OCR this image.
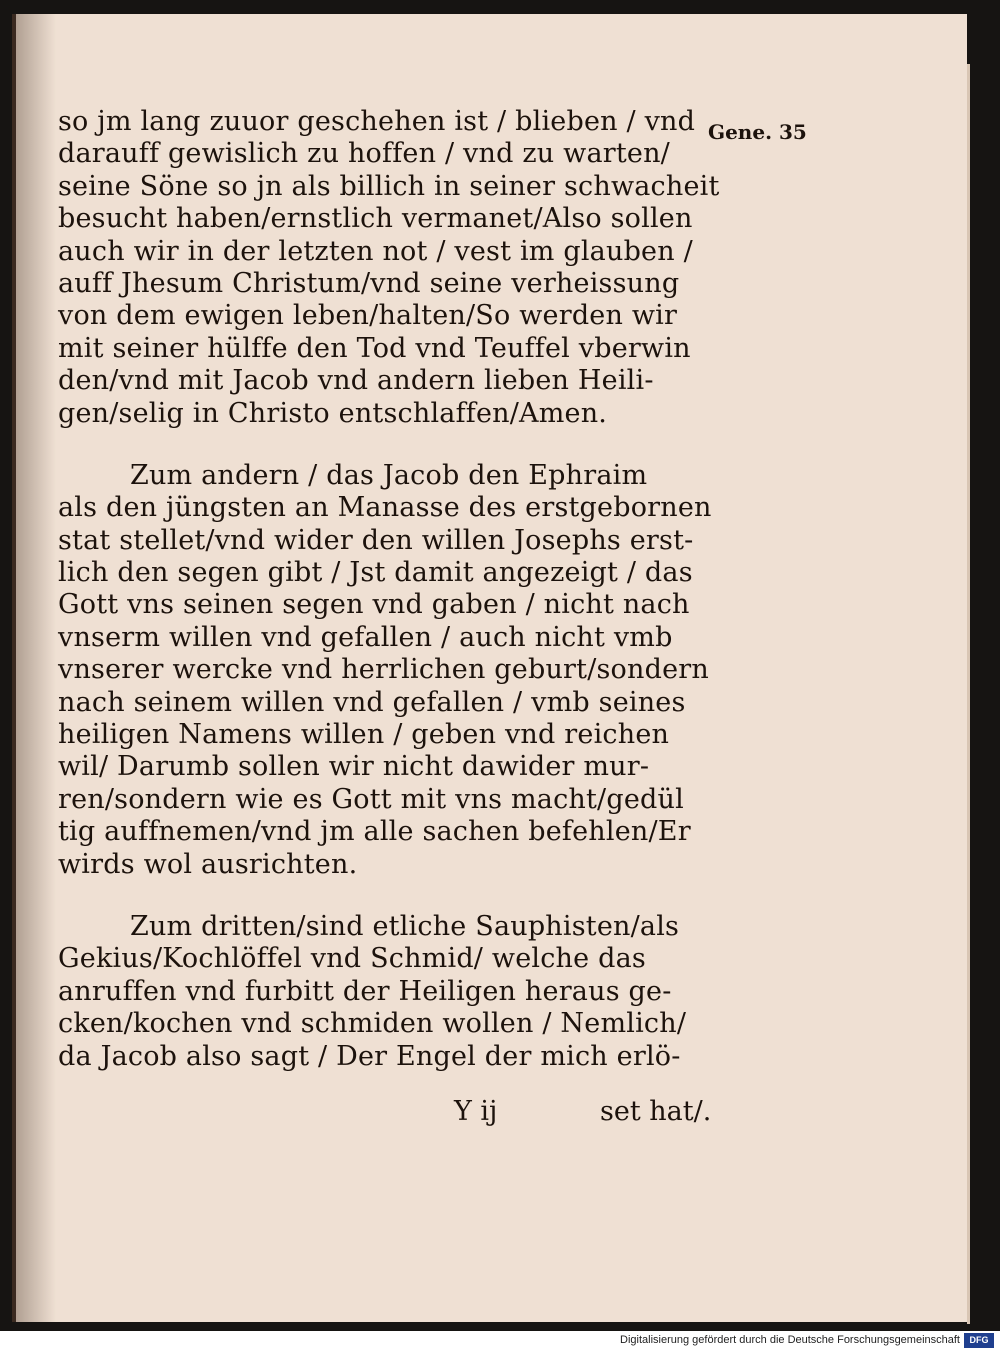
Gene. 35
so jm lang zuuor geschehen ist / blieben / vnd
darauff gewislich zu hoffen / vnd zu warten/
seine Söne so jn als billich in seiner schwacheit
besucht haben/ernstlich vermanet/Also sollen
auch wir in der letzten not / vest im glauben /
auff Jhesum Christum/vnd seine verheissung
von dem ewigen leben/halten/So werden wir
mit seiner hülffe den Tod vnd Teuffel vberwin
den/vnd mit Jacob vnd andern lieben Heili-
gen/selig in Christo entschlaffen/Amen.
Zum andern / das Jacob den Ephraim
als den jüngsten an Manasse des erstgebornen
stat stellet/vnd wider den willen Josephs erst-
lich den segen gibt / Jst damit angezeigt / das
Gott vns seinen segen vnd gaben / nicht nach
vnserm willen vnd gefallen / auch nicht vmb
vnserer wercke vnd herrlichen geburt/sondern
nach seinem willen vnd gefallen / vmb seines
heiligen Namens willen / geben vnd reichen
wil/ Darumb sollen wir nicht dawider mur-
ren/sondern wie es Gott mit vns macht/gedül
tig auffnemen/vnd jm alle sachen befehlen/Er
wirds wol ausrichten.
Zum dritten/sind etliche Sauphisten/als
Gekius/Kochlöffel vnd Schmid/ welche das
anruffen vnd furbitt der Heiligen heraus ge-
cken/kochen vnd schmiden wollen / Nemlich/
da Jacob also sagt / Der Engel der mich erlö-
Y ij	set hat/.
Digitalisierung gefördert durch die Deutsche Forschungsgemeinschaft	DFG
